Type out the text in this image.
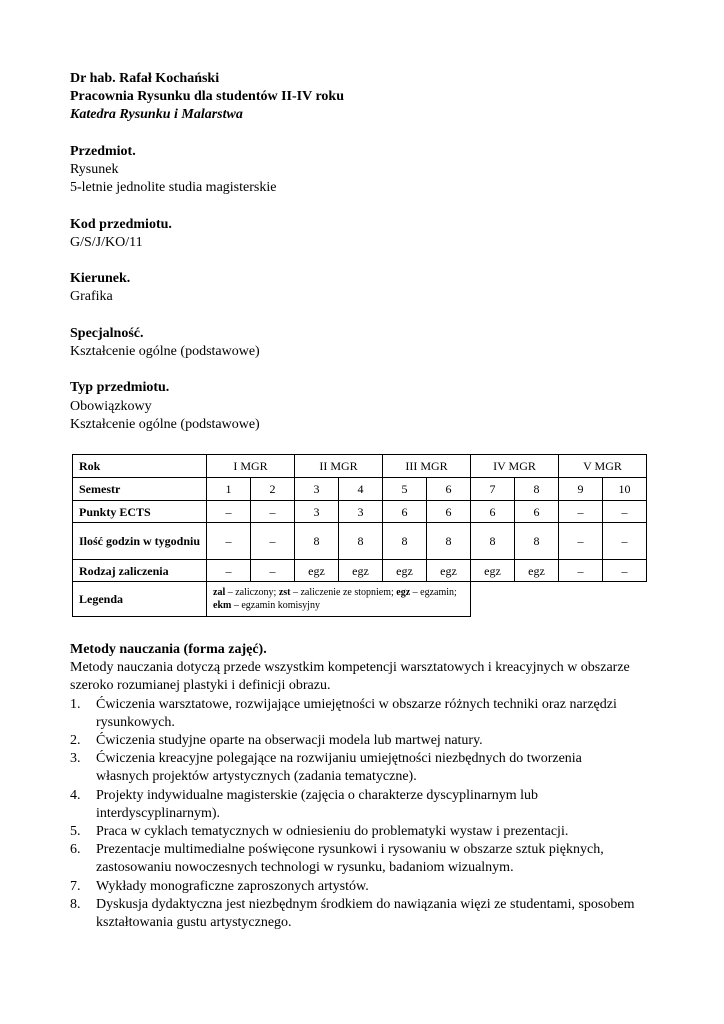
Dr hab. Rafał Kochański
Pracownia Rysunku dla studentów II-IV roku
Katedra Rysunku i Malarstwa
Przedmiot.
Rysunek
5-letnie jednolite studia magisterskie
Kod przedmiotu.
G/S/J/KO/11
Kierunek.
Grafika
Specjalność.
Kształcenie ogólne (podstawowe)
Typ przedmiotu.
Obowiązkowy
Kształcenie ogólne (podstawowe)
Rok	I MGR		II MGR		III MGR		IV MGR		V MGR	
Semestr	1	2	3	4	5	6	7	8	9	10
Punkty ECTS	–	–	3	3	6	6	6	6	–	–
Ilość godzin w tygodniu	–	–	8	8	8	8	8	8	–	–
Rodzaj zaliczenia	–	–	egz	egz	egz	egz	egz	egz	–	–
Legenda	zal – zaliczony; zst – zaliczenie ze stopniem; egz – egzamin; ekm – egzamin komisyjny									
Metody nauczania (forma zajęć).
Metody nauczania dotyczą przede wszystkim kompetencji warsztatowych i kreacyjnych w obszarze
szeroko rozumianej plastyki i definicji obrazu.
1. Ćwiczenia warsztatowe, rozwijające umiejętności w obszarze różnych techniki oraz narzędzi
rysunkowych.
2. Ćwiczenia studyjne oparte na obserwacji modela lub martwej natury.
3. Ćwiczenia kreacyjne polegające na rozwijaniu umiejętności niezbędnych do tworzenia
własnych projektów artystycznych (zadania tematyczne).
4. Projekty indywidualne magisterskie (zajęcia o charakterze dyscyplinarnym lub
interdyscyplinarnym).
5. Praca w cyklach tematycznych w odniesieniu do problematyki wystaw i prezentacji.
6. Prezentacje multimedialne poświęcone rysunkowi i rysowaniu w obszarze sztuk pięknych,
zastosowaniu nowoczesnych technologi w rysunku, badaniom wizualnym.
7. Wykłady monograficzne zaproszonych artystów.
8. Dyskusja dydaktyczna jest niezbędnym środkiem do nawiązania więzi ze studentami, sposobem
kształtowania gustu artystycznego.
